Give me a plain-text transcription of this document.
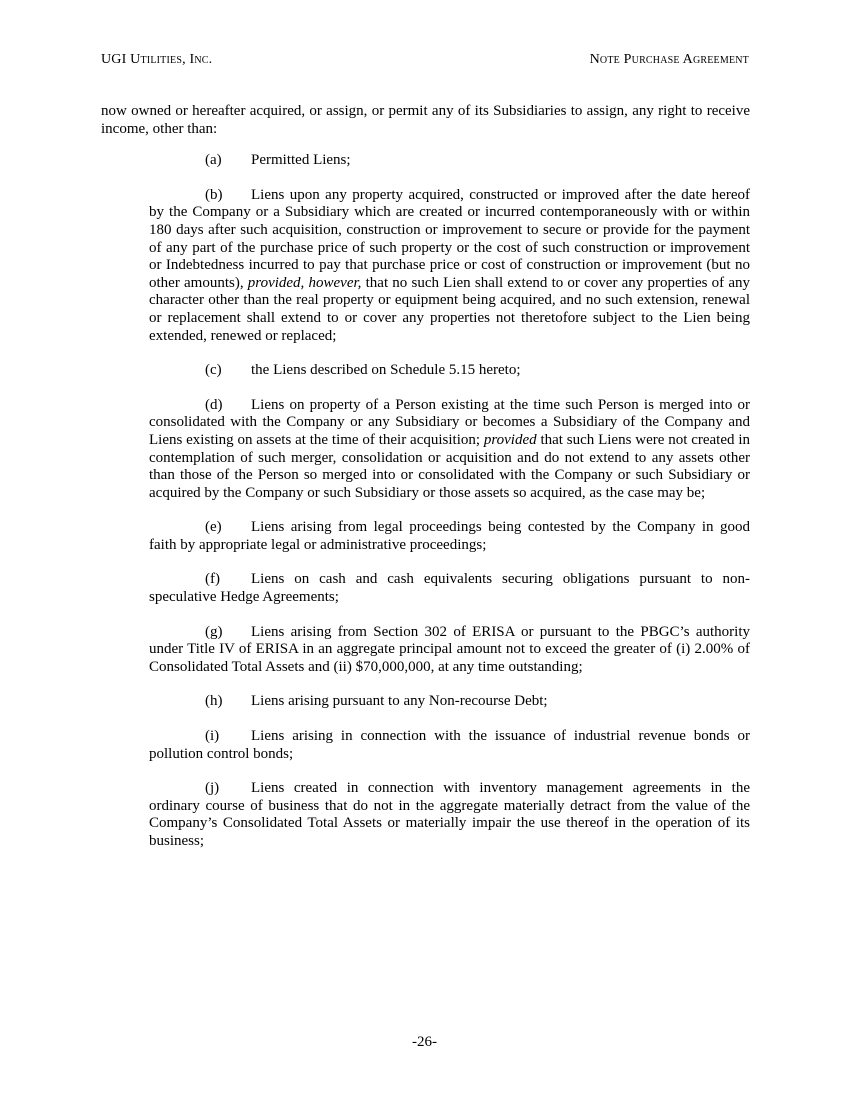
UGI Utilities, Inc.	Note Purchase Agreement

now owned or hereafter acquired, or assign, or permit any of its Subsidiaries to assign, any right to receive income, other than:

(a) Permitted Liens;

(b) Liens upon any property acquired, constructed or improved after the date hereof by the Company or a Subsidiary which are created or incurred contemporaneously with or within 180 days after such acquisition, construction or improvement to secure or provide for the payment of any part of the purchase price of such property or the cost of such construction or improvement or Indebtedness incurred to pay that purchase price or cost of construction or improvement (but no other amounts), provided, however, that no such Lien shall extend to or cover any properties of any character other than the real property or equipment being acquired, and no such extension, renewal or replacement shall extend to or cover any properties not theretofore subject to the Lien being extended, renewed or replaced;

(c) the Liens described on Schedule 5.15 hereto;

(d) Liens on property of a Person existing at the time such Person is merged into or consolidated with the Company or any Subsidiary or becomes a Subsidiary of the Company and Liens existing on assets at the time of their acquisition; provided that such Liens were not created in contemplation of such merger, consolidation or acquisition and do not extend to any assets other than those of the Person so merged into or consolidated with the Company or such Subsidiary or acquired by the Company or such Subsidiary or those assets so acquired, as the case may be;

(e) Liens arising from legal proceedings being contested by the Company in good faith by appropriate legal or administrative proceedings;

(f) Liens on cash and cash equivalents securing obligations pursuant to non-speculative Hedge Agreements;

(g) Liens arising from Section 302 of ERISA or pursuant to the PBGC’s authority under Title IV of ERISA in an aggregate principal amount not to exceed the greater of (i) 2.00% of Consolidated Total Assets and (ii) $70,000,000, at any time outstanding;

(h) Liens arising pursuant to any Non-recourse Debt;

(i) Liens arising in connection with the issuance of industrial revenue bonds or pollution control bonds;

(j) Liens created in connection with inventory management agreements in the ordinary course of business that do not in the aggregate materially detract from the value of the Company’s Consolidated Total Assets or materially impair the use thereof in the operation of its business;

-26-
